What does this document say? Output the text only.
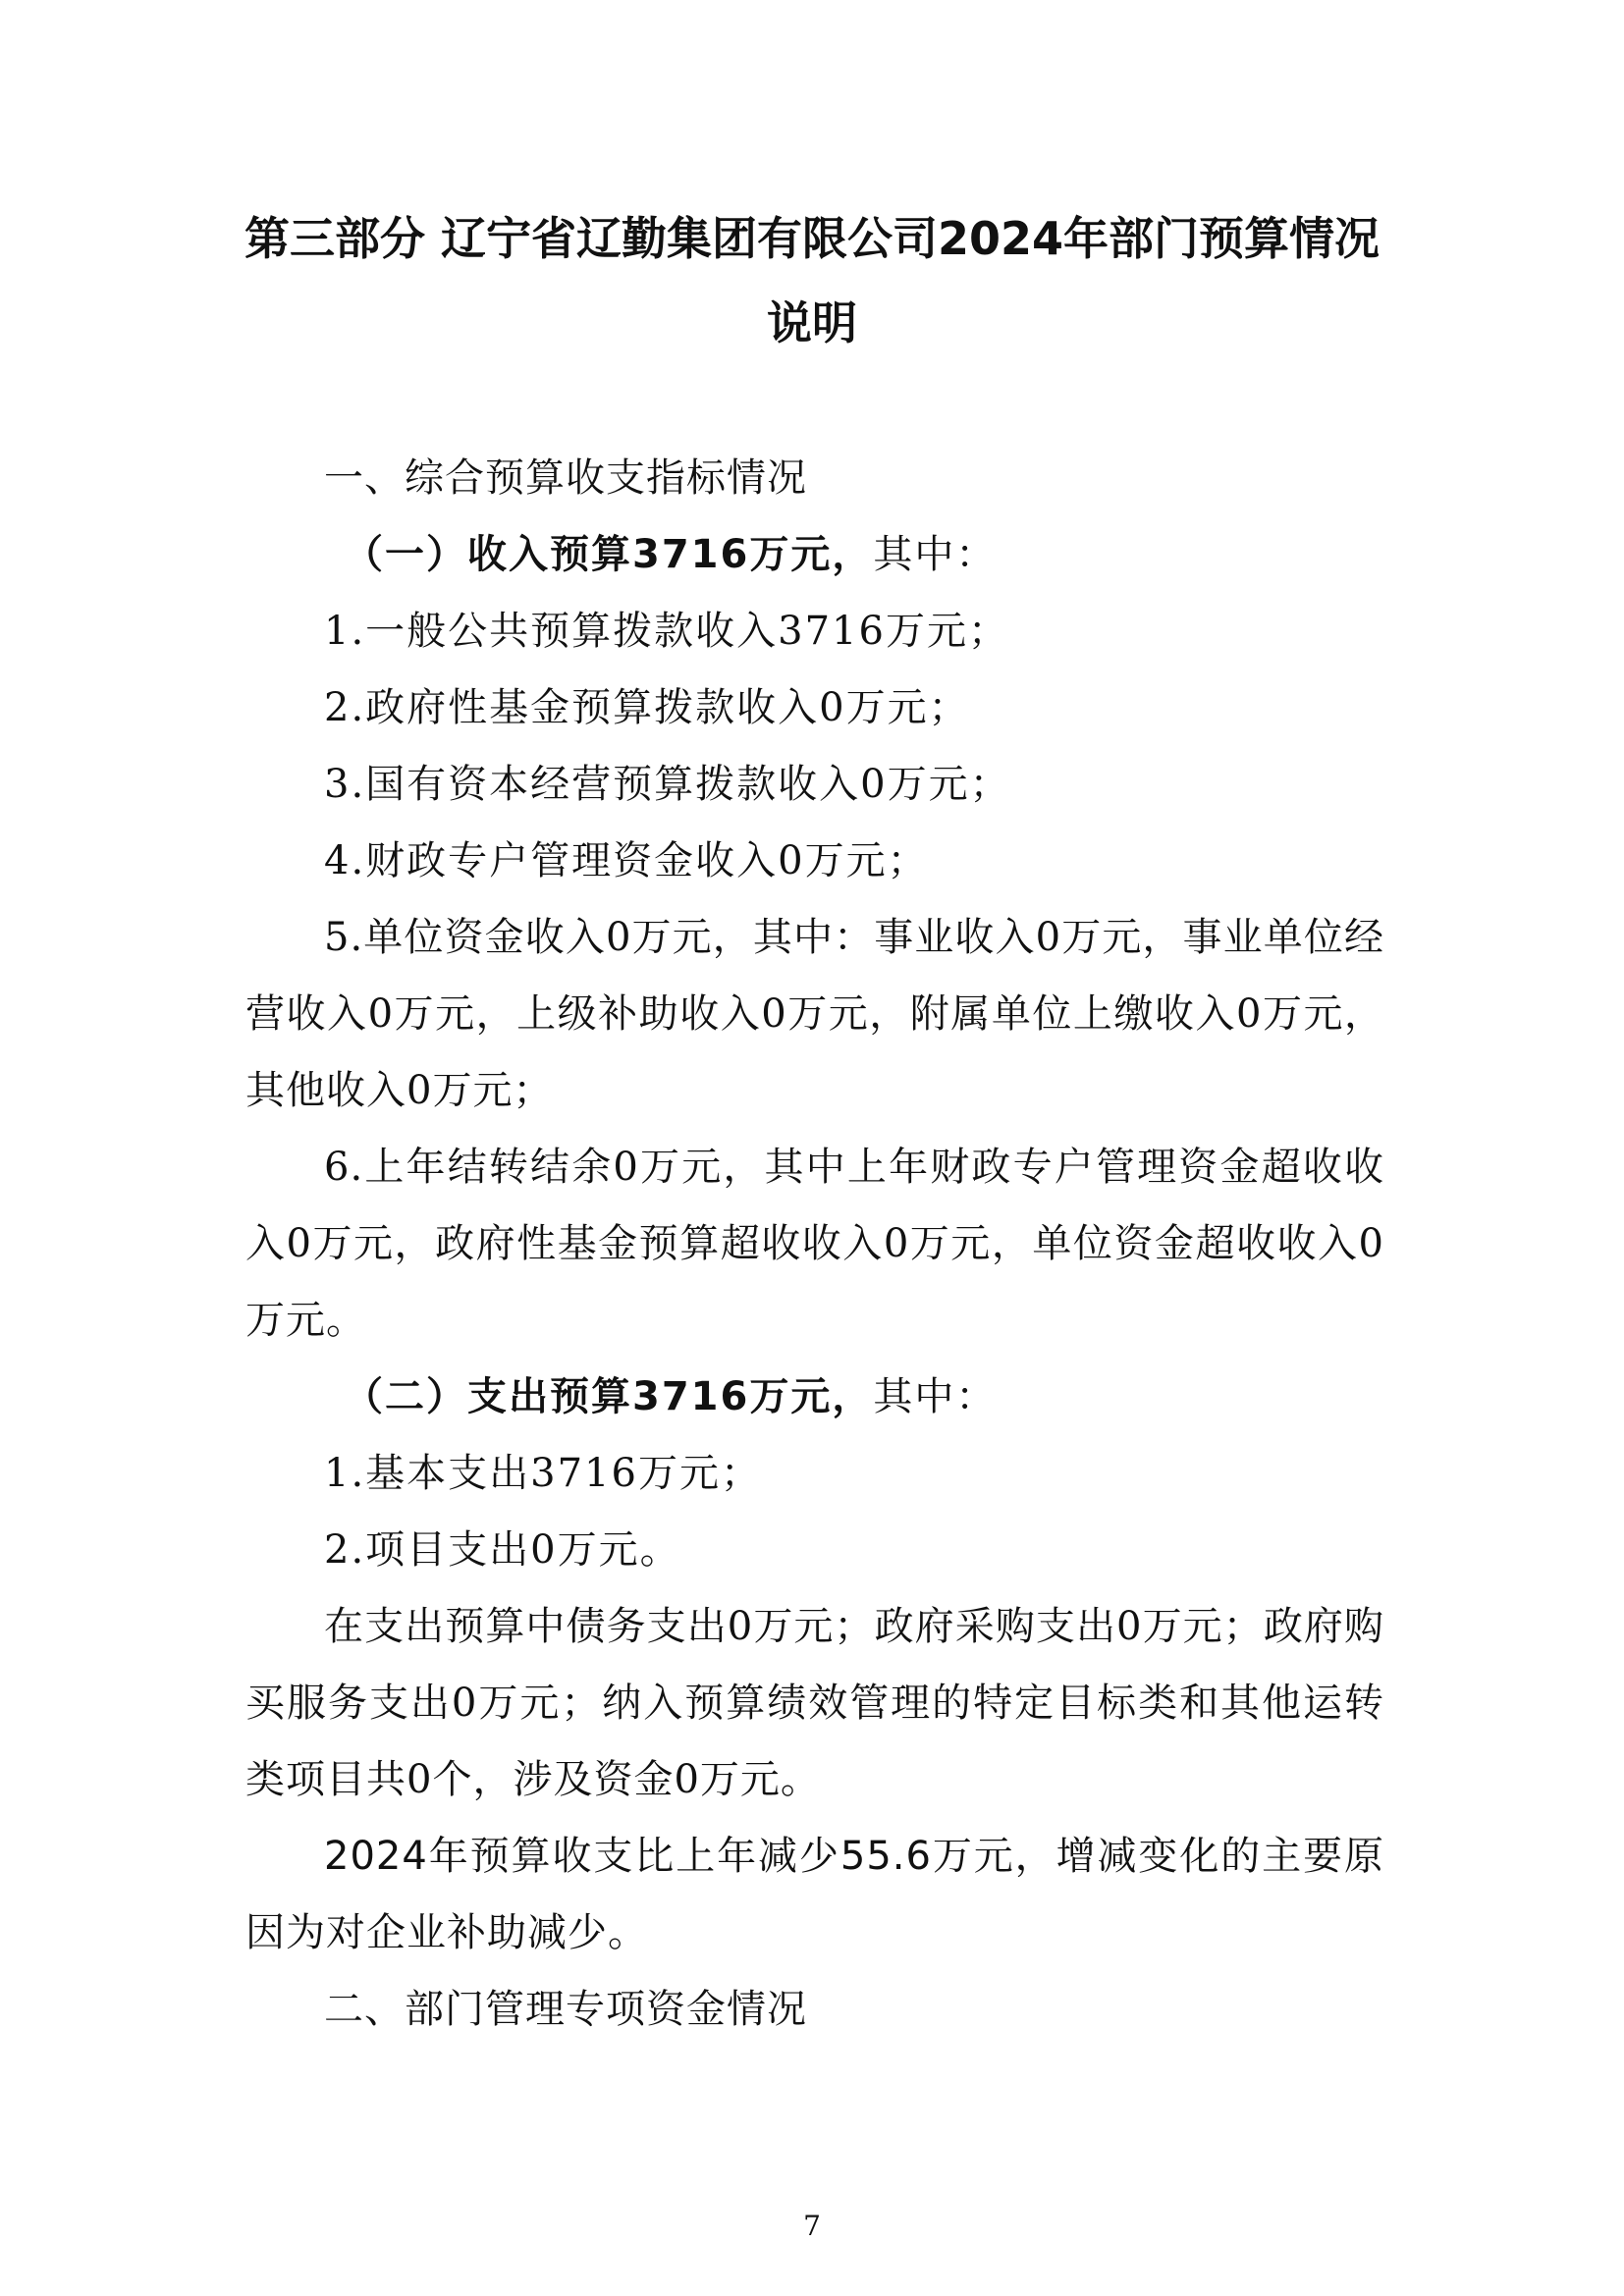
第三部分 辽宁省辽勤集团有限公司2024年部门预算情况说明

一、综合预算收支指标情况

（一）收入预算3716万元，其中：

1.一般公共预算拨款收入3716万元；

2.政府性基金预算拨款收入0万元；

3.国有资本经营预算拨款收入0万元；

4.财政专户管理资金收入0万元；

5.单位资金收入0万元，其中：事业收入0万元，事业单位经营收入0万元，上级补助收入0万元，附属单位上缴收入0万元，其他收入0万元；

6.上年结转结余0万元，其中上年财政专户管理资金超收收入0万元，政府性基金预算超收收入0万元，单位资金超收收入0万元。

（二）支出预算3716万元，其中：

1.基本支出3716万元；

2.项目支出0万元。

在支出预算中债务支出0万元；政府采购支出0万元；政府购买服务支出0万元；纳入预算绩效管理的特定目标类和其他运转类项目共0个，涉及资金0万元。

2024年预算收支比上年减少55.6万元，增减变化的主要原因为对企业补助减少。

二、部门管理专项资金情况

7
